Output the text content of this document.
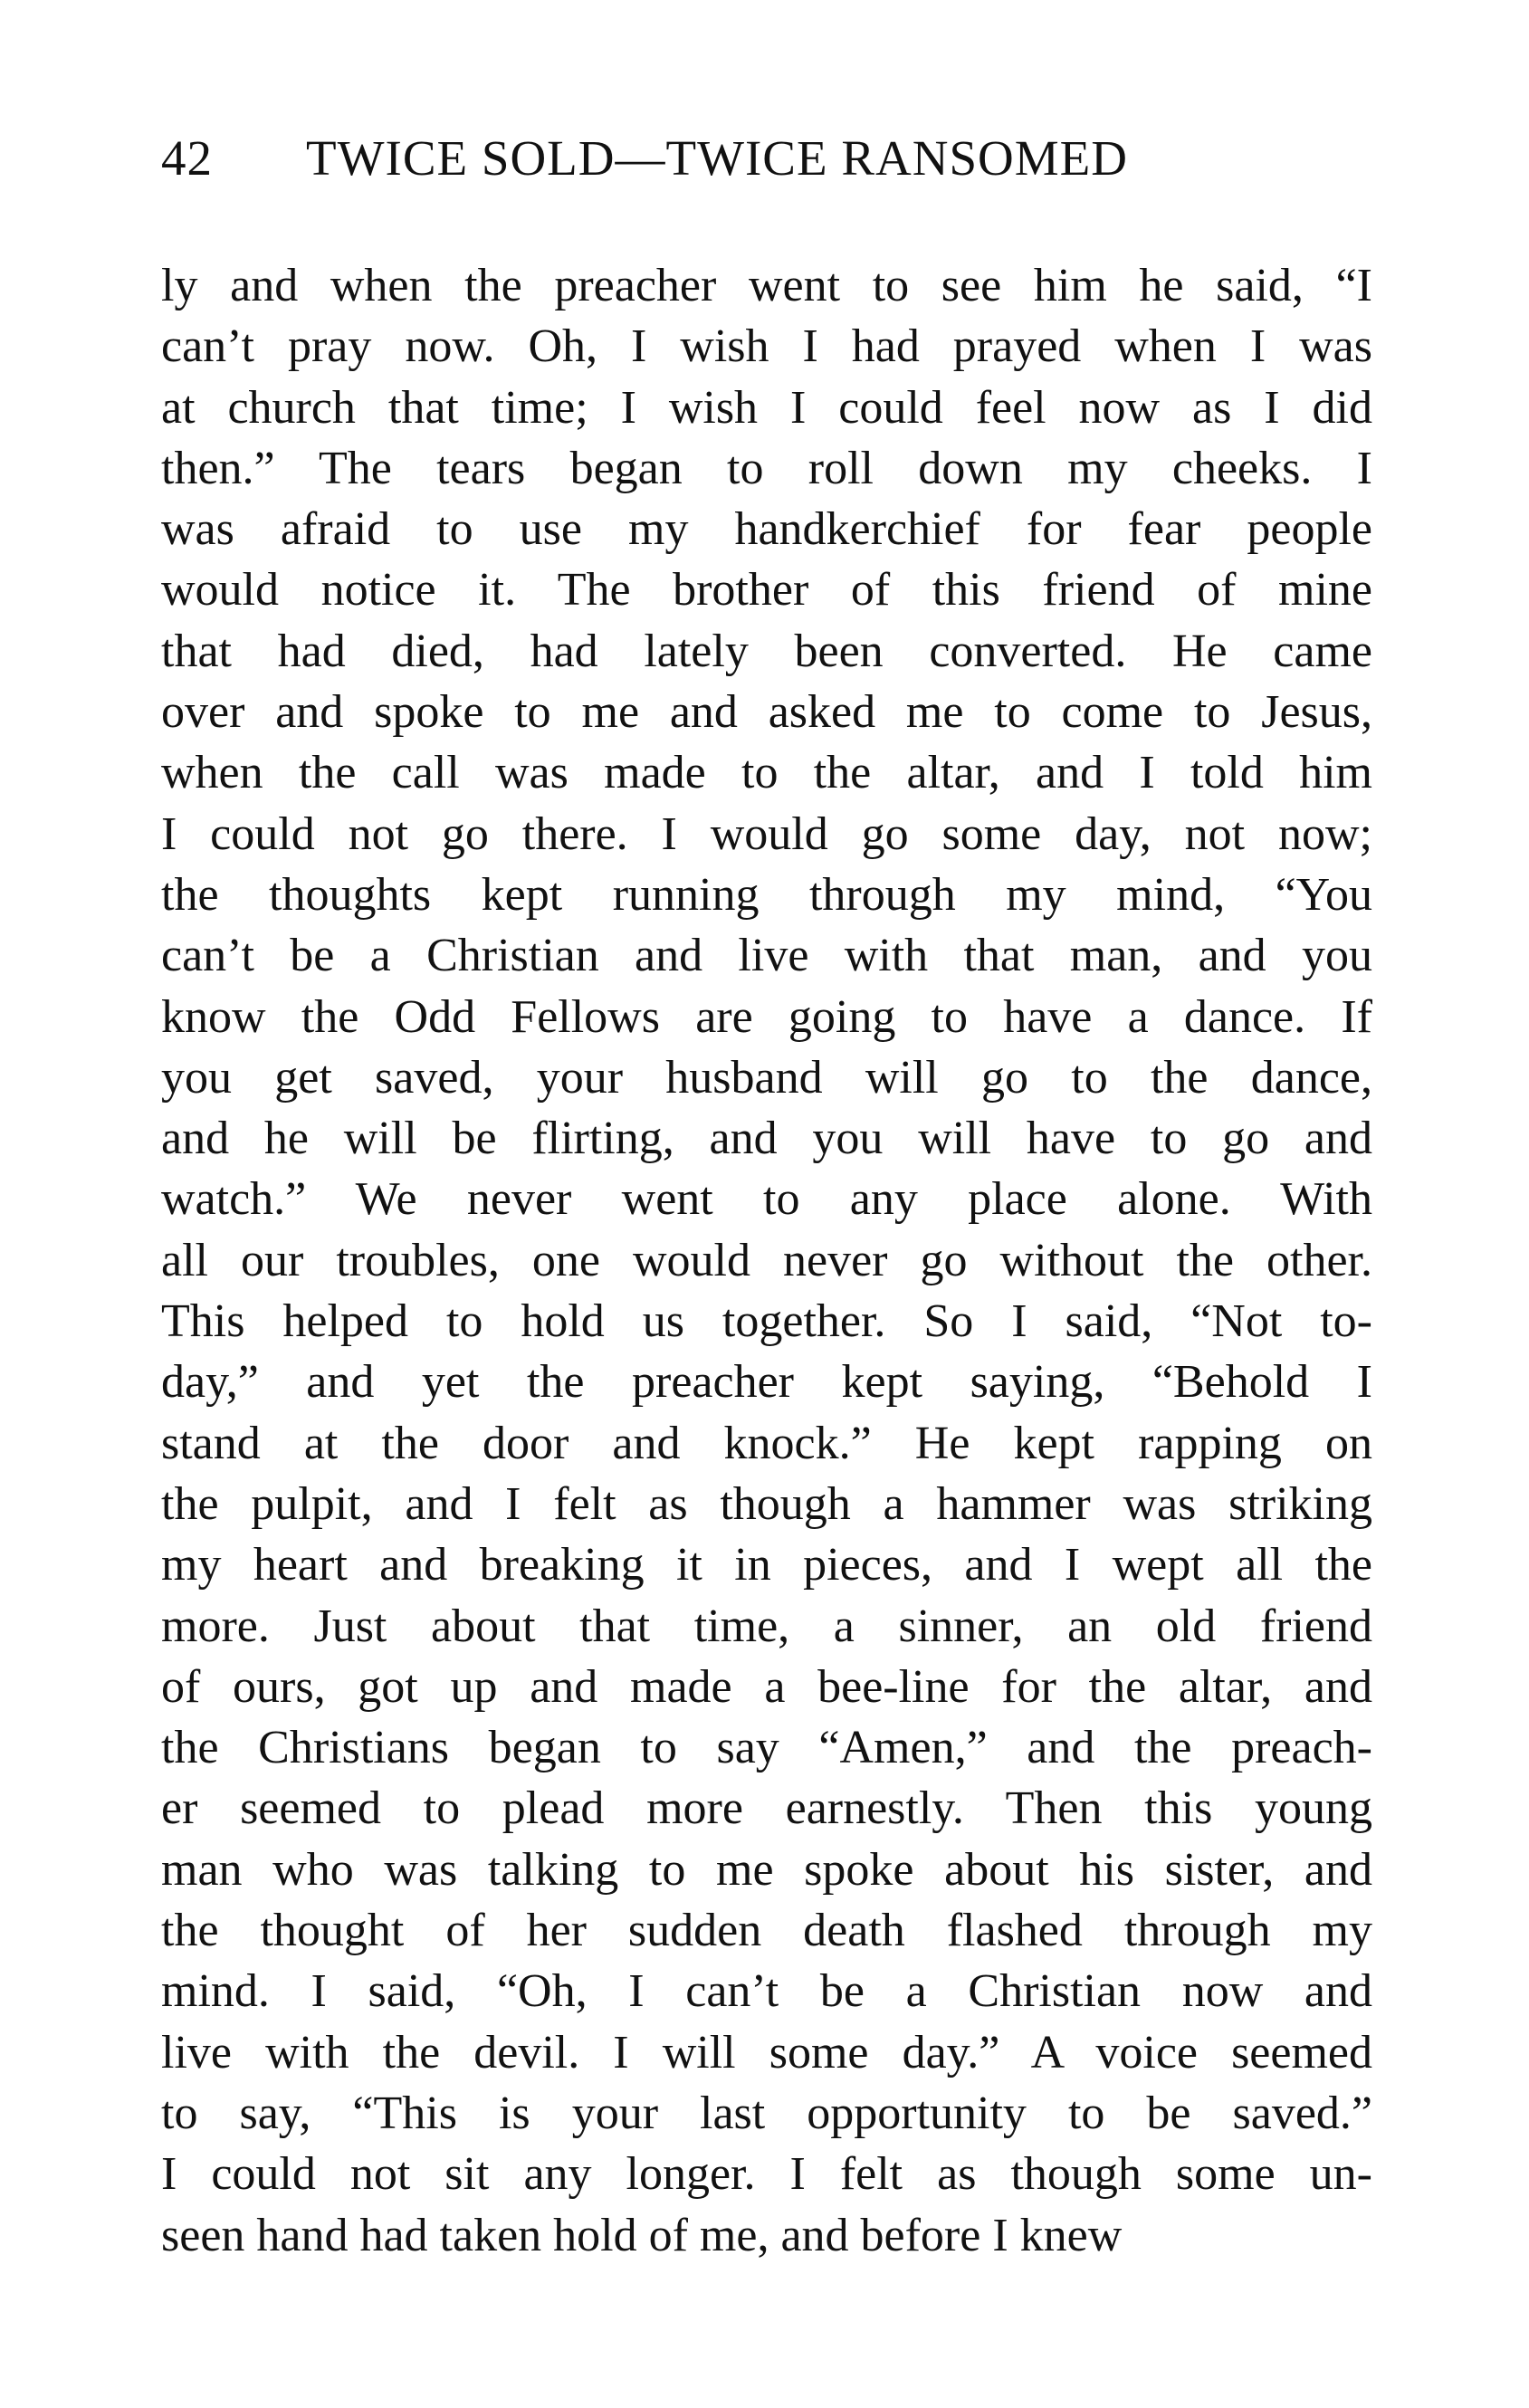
42 TWICE SOLD—TWICE RANSOMED
ly and when the preacher went to see him he said, “I
can’t pray now. Oh, I wish I had prayed when I was
at church that time; I wish I could feel now as I did
then.” The tears began to roll down my cheeks. I
was afraid to use my handkerchief for fear people
would notice it. The brother of this friend of mine
that had died, had lately been converted. He came
over and spoke to me and asked me to come to Jesus,
when the call was made to the altar, and I told him
I could not go there. I would go some day, not now;
the thoughts kept running through my mind, “You
can’t be a Christian and live with that man, and you
know the Odd Fellows are going to have a dance. If
you get saved, your husband will go to the dance,
and he will be flirting, and you will have to go and
watch.” We never went to any place alone. With
all our troubles, one would never go without the other.
This helped to hold us together. So I said, “Not to-
day,” and yet the preacher kept saying, “Behold I
stand at the door and knock.” He kept rapping on
the pulpit, and I felt as though a hammer was striking
my heart and breaking it in pieces, and I wept all the
more. Just about that time, a sinner, an old friend
of ours, got up and made a bee-line for the altar, and
the Christians began to say “Amen,” and the preach-
er seemed to plead more earnestly. Then this young
man who was talking to me spoke about his sister, and
the thought of her sudden death flashed through my
mind. I said, “Oh, I can’t be a Christian now and
live with the devil. I will some day.” A voice seemed
to say, “This is your last opportunity to be saved.”
I could not sit any longer. I felt as though some un-
seen hand had taken hold of me, and before I knew
